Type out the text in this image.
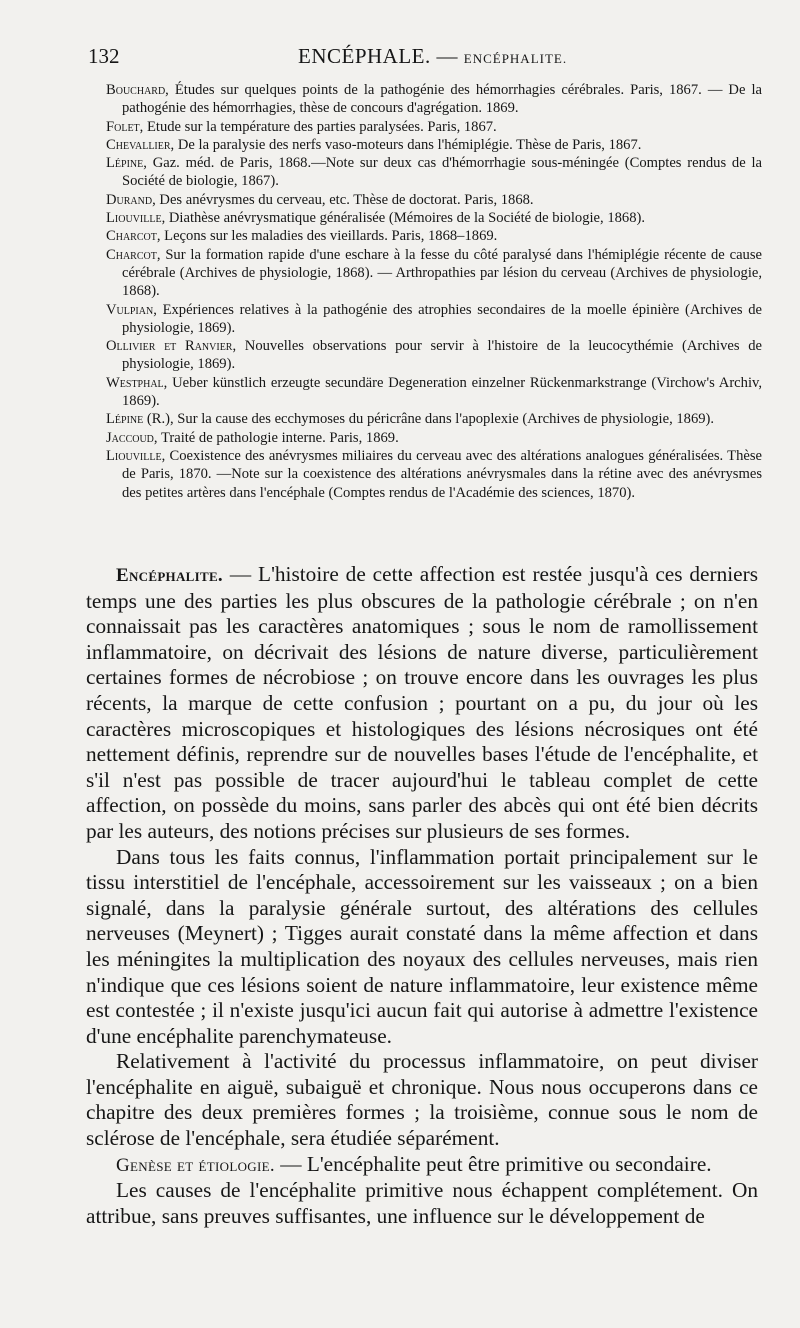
132	ENCÉPHALE. — ENCÉPHALITE.

Bouchard, Études sur quelques points de la pathogénie des hémorrhagies cérébrales. Paris, 1867. — De la pathogénie des hémorrhagies, thèse de concours d'agrégation. 1869.

Folet, Etude sur la température des parties paralysées. Paris, 1867.

Chevallier, De la paralysie des nerfs vaso-moteurs dans l'hémiplégie. Thèse de Paris, 1867.

Lépine, Gaz. méd. de Paris, 1868.—Note sur deux cas d'hémorrhagie sous-méningée (Comptes rendus de la Société de biologie, 1867).

Durand, Des anévrysmes du cerveau, etc. Thèse de doctorat. Paris, 1868.

Liouville, Diathèse anévrysmatique généralisée (Mémoires de la Société de biologie, 1868).

Charcot, Leçons sur les maladies des vieillards. Paris, 1868–1869.

Charcot, Sur la formation rapide d'une eschare à la fesse du côté paralysé dans l'hémiplégie récente de cause cérébrale (Archives de physiologie, 1868). — Arthropathies par lésion du cerveau (Archives de physiologie, 1868).

Vulpian, Expériences relatives à la pathogénie des atrophies secondaires de la moelle épinière (Archives de physiologie, 1869).

Ollivier et Ranvier, Nouvelles observations pour servir à l'histoire de la leucocythémie (Archives de physiologie, 1869).

Westphal, Ueber künstlich erzeugte secundäre Degeneration einzelner Rückenmarkstrange (Virchow's Archiv, 1869).

Lépine (R.), Sur la cause des ecchymoses du péricrâne dans l'apoplexie (Archives de physiologie, 1869).

Jaccoud, Traité de pathologie interne. Paris, 1869.

Liouville, Coexistence des anévrysmes miliaires du cerveau avec des altérations analogues généralisées. Thèse de Paris, 1870. —Note sur la coexistence des altérations anévrysmales dans la rétine avec des anévrysmes des petites artères dans l'encéphale (Comptes rendus de l'Académie des sciences, 1870).

Encéphalite. — L'histoire de cette affection est restée jusqu'à ces derniers temps une des parties les plus obscures de la pathologie cérébrale ; on n'en connaissait pas les caractères anatomiques ; sous le nom de ramollissement inflammatoire, on décrivait des lésions de nature diverse, particulièrement certaines formes de nécrobiose ; on trouve encore dans les ouvrages les plus récents, la marque de cette confusion ; pourtant on a pu, du jour où les caractères microscopiques et histologiques des lésions nécrosiques ont été nettement définis, reprendre sur de nouvelles bases l'étude de l'encéphalite, et s'il n'est pas possible de tracer aujourd'hui le tableau complet de cette affection, on possède du moins, sans parler des abcès qui ont été bien décrits par les auteurs, des notions précises sur plusieurs de ses formes.

Dans tous les faits connus, l'inflammation portait principalement sur le tissu interstitiel de l'encéphale, accessoirement sur les vaisseaux ; on a bien signalé, dans la paralysie générale surtout, des altérations des cellules nerveuses (Meynert) ; Tigges aurait constaté dans la même affection et dans les méningites la multiplication des noyaux des cellules nerveuses, mais rien n'indique que ces lésions soient de nature inflammatoire, leur existence même est contestée ; il n'existe jusqu'ici aucun fait qui autorise à admettre l'existence d'une encéphalite parenchymateuse.

Relativement à l'activité du processus inflammatoire, on peut diviser l'encéphalite en aiguë, subaiguë et chronique. Nous nous occuperons dans ce chapitre des deux premières formes ; la troisième, connue sous le nom de sclérose de l'encéphale, sera étudiée séparément.

Genèse et étiologie. — L'encéphalite peut être primitive ou secondaire.

Les causes de l'encéphalite primitive nous échappent complétement. On attribue, sans preuves suffisantes, une influence sur le développement de
